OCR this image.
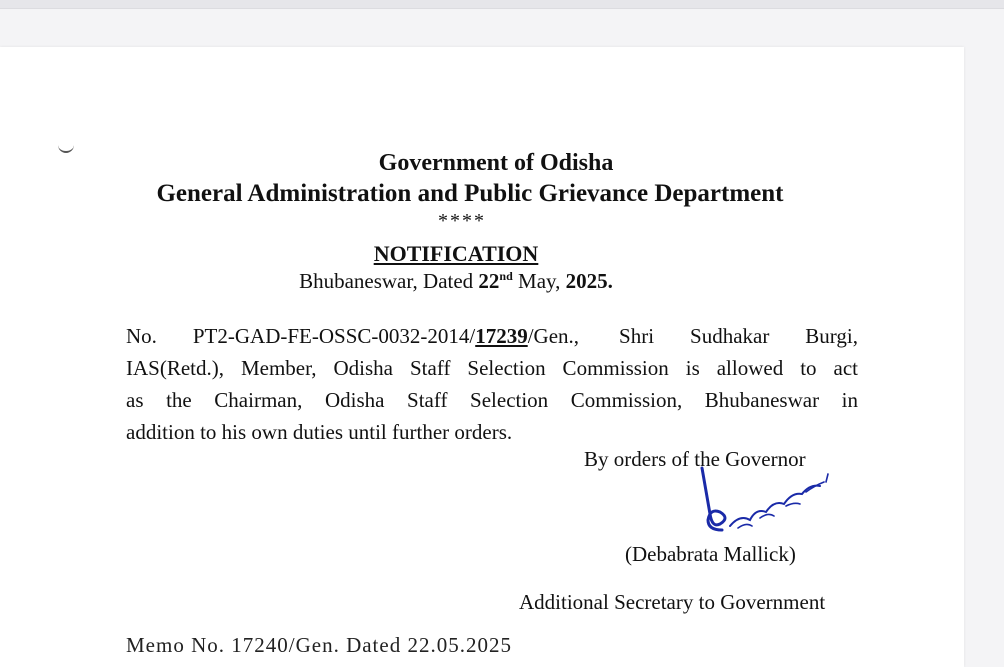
Government of Odisha
General Administration and Public Grievance Department
****
NOTIFICATION
Bhubaneswar, Dated 22nd May, 2025.
No. PT2-GAD-FE-OSSC-0032-2014/17239/Gen., Shri Sudhakar Burgi,
IAS(Retd.), Member, Odisha Staff Selection Commission is allowed to act
as the Chairman, Odisha Staff Selection Commission, Bhubaneswar in
addition to his own duties until further orders.
By orders of the Governor
(Debabrata Mallick)
Additional Secretary to Government
Memo No. 17240/Gen. Dated 22.05.2025
